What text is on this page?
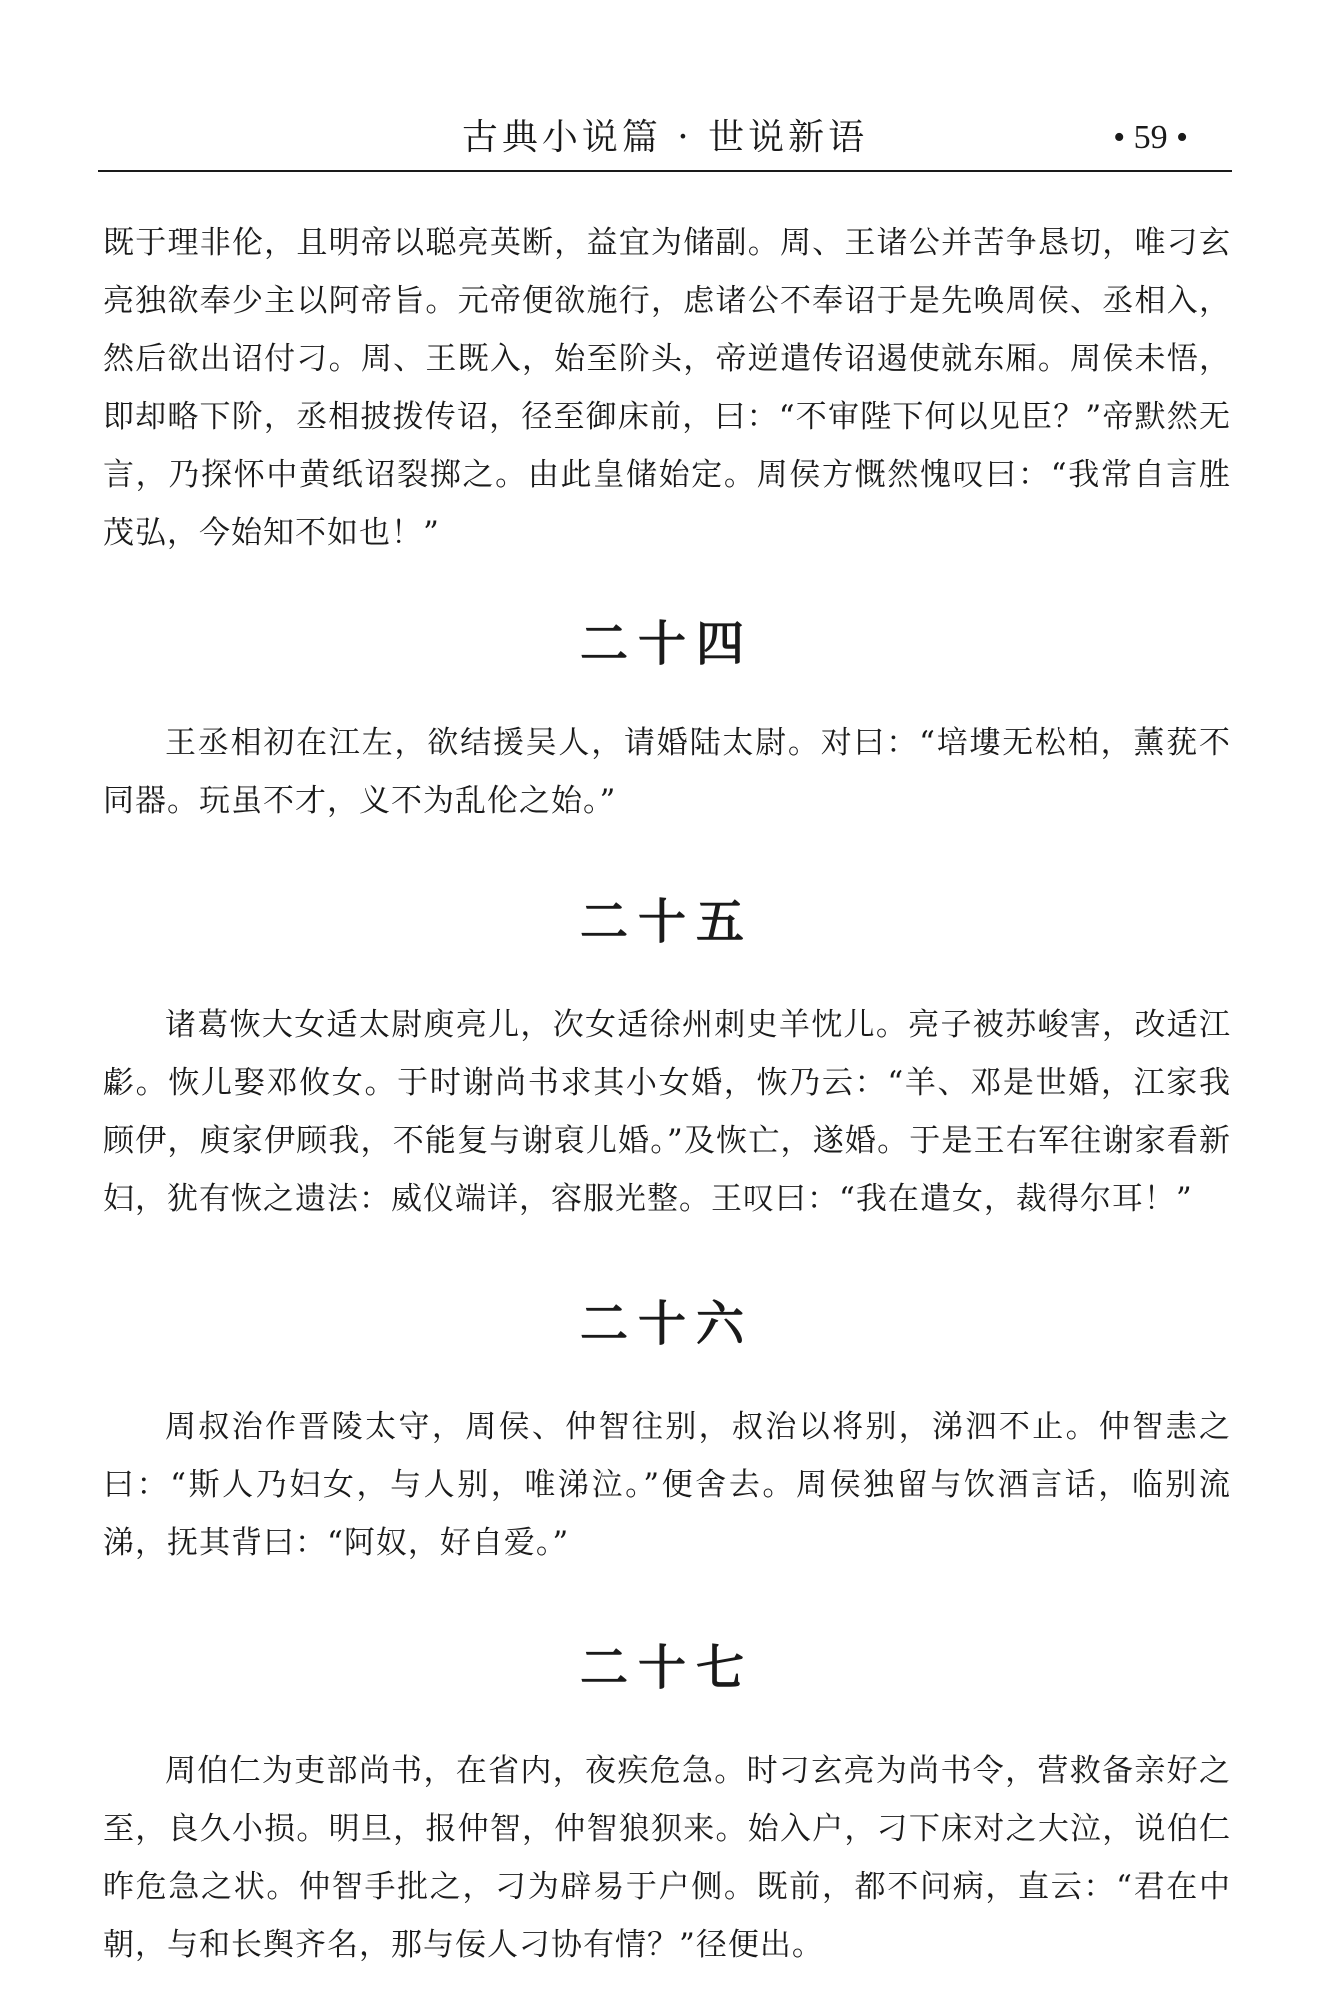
古典小说篇 · 世说新语	• 59 •

既于理非伦，且明帝以聪亮英断，益宜为储副。周、王诸公并苦争恳切，唯刁玄亮独欲奉少主以阿帝旨。元帝便欲施行，虑诸公不奉诏于是先唤周侯、丞相入，然后欲出诏付刁。周、王既入，始至阶头，帝逆遣传诏遏使就东厢。周侯未悟，即却略下阶，丞相披拨传诏，径至御床前，曰：“不审陛下何以见臣？”帝默然无言，乃探怀中黄纸诏裂掷之。由此皇储始定。周侯方慨然愧叹曰：“我常自言胜茂弘，今始知不如也！”

二十四

王丞相初在江左，欲结援吴人，请婚陆太尉。对曰：“培塿无松柏，薰莸不同器。玩虽不才，义不为乱伦之始。”

二十五

诸葛恢大女适太尉庾亮儿，次女适徐州刺史羊忱儿。亮子被苏峻害，改适江虨。恢儿娶邓攸女。于时谢尚书求其小女婚，恢乃云：“羊、邓是世婚，江家我顾伊，庾家伊顾我，不能复与谢裒儿婚。”及恢亡，遂婚。于是王右军往谢家看新妇，犹有恢之遗法：威仪端详，容服光整。王叹曰：“我在遣女，裁得尔耳！”

二十六

周叔治作晋陵太守，周侯、仲智往别，叔治以将别，涕泗不止。仲智恚之曰：“斯人乃妇女，与人别，唯涕泣。”便舍去。周侯独留与饮酒言话，临别流涕，抚其背曰：“阿奴，好自爱。”

二十七

周伯仁为吏部尚书，在省内，夜疾危急。时刁玄亮为尚书令，营救备亲好之至，良久小损。明旦，报仲智，仲智狼狈来。始入户，刁下床对之大泣，说伯仁昨危急之状。仲智手批之，刁为辟易于户侧。既前，都不问病，直云：“君在中朝，与和长舆齐名，那与佞人刁协有情？”径便出。
